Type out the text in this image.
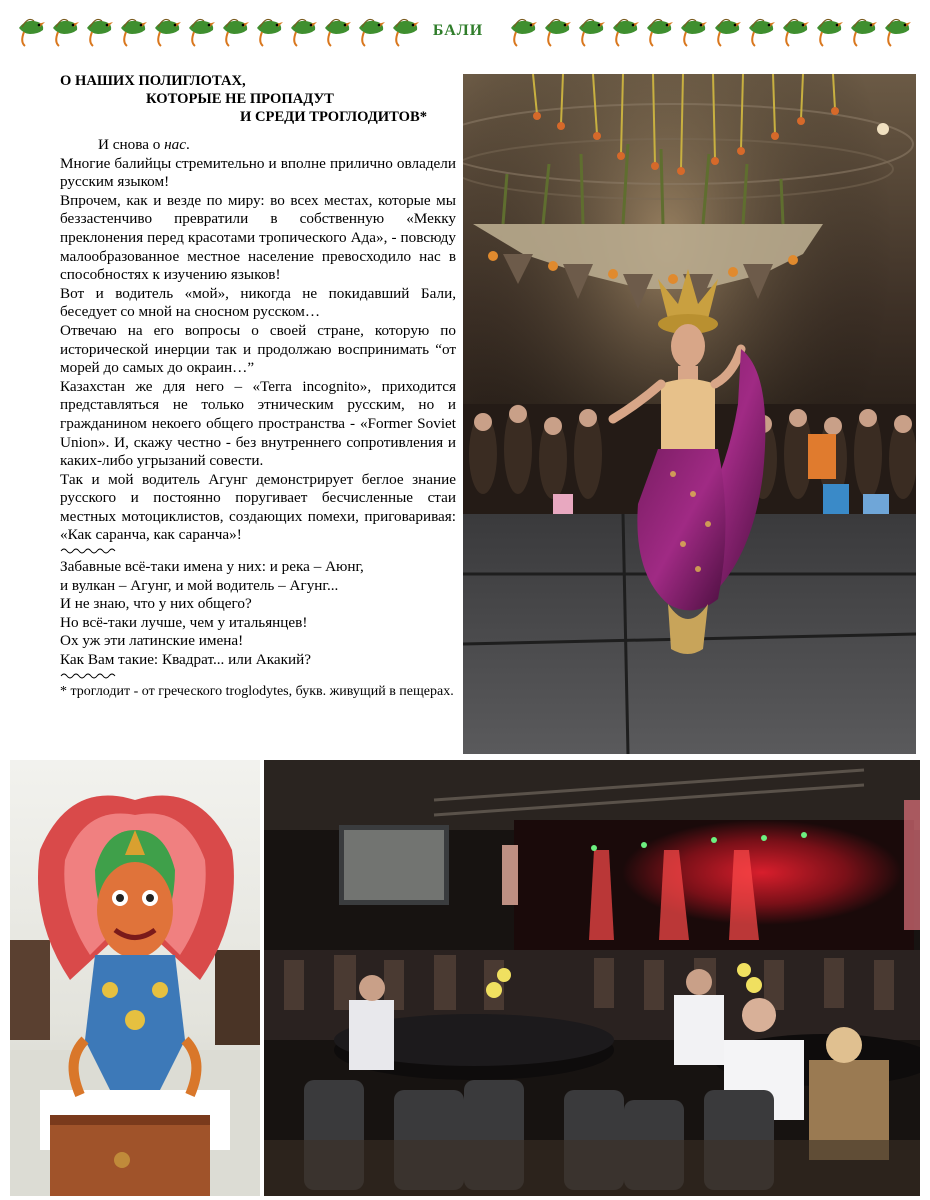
БАЛИ
О НАШИХ ПОЛИГЛОТАХ,
КОТОРЫЕ НЕ ПРОПАДУТ
И СРЕДИ ТРОГЛОДИТОВ*

И снова о нас.

Многие балийцы стремительно и вполне прилично овладели русским языком!

Впрочем, как и везде по миру: во всех местах, которые мы беззастенчиво превратили в собственную «Мекку преклонения перед красотами тропического Ада», - повсюду малообразованное местное население превосходило нас в способностях к изучению языков!

Вот и водитель «мой», никогда не покидавший Бали, беседует со мной на сносном русском…

Отвечаю на его вопросы о своей стране, которую по исторической инерции так и продолжаю воспринимать “от морей до самых до окраин…”

Казахстан же для него – «Terra incognito», приходится представляться не только этническим русским, но и гражданином некоего общего пространства - «Former Soviet Union». И, скажу честно - без внутреннего сопротивления и каких-либо угрызаний совести.

Так и мой водитель Агунг демонстрирует беглое знание русского и постоянно поругивает бесчисленные стаи местных мотоциклистов, создающих помехи, приговаривая: «Как саранча, как саранча»!

Забавные всё-таки имена у них: и река – Аюнг,

и вулкан – Агунг, и мой водитель – Агунг...

И не знаю, что у них общего?

Но всё-таки лучше, чем у итальянцев!

Ох уж эти латинские имена!

Как Вам такие: Квадрат... или Акакий?

* троглодит - от греческого troglodytes, букв. живущий в пещерах.
